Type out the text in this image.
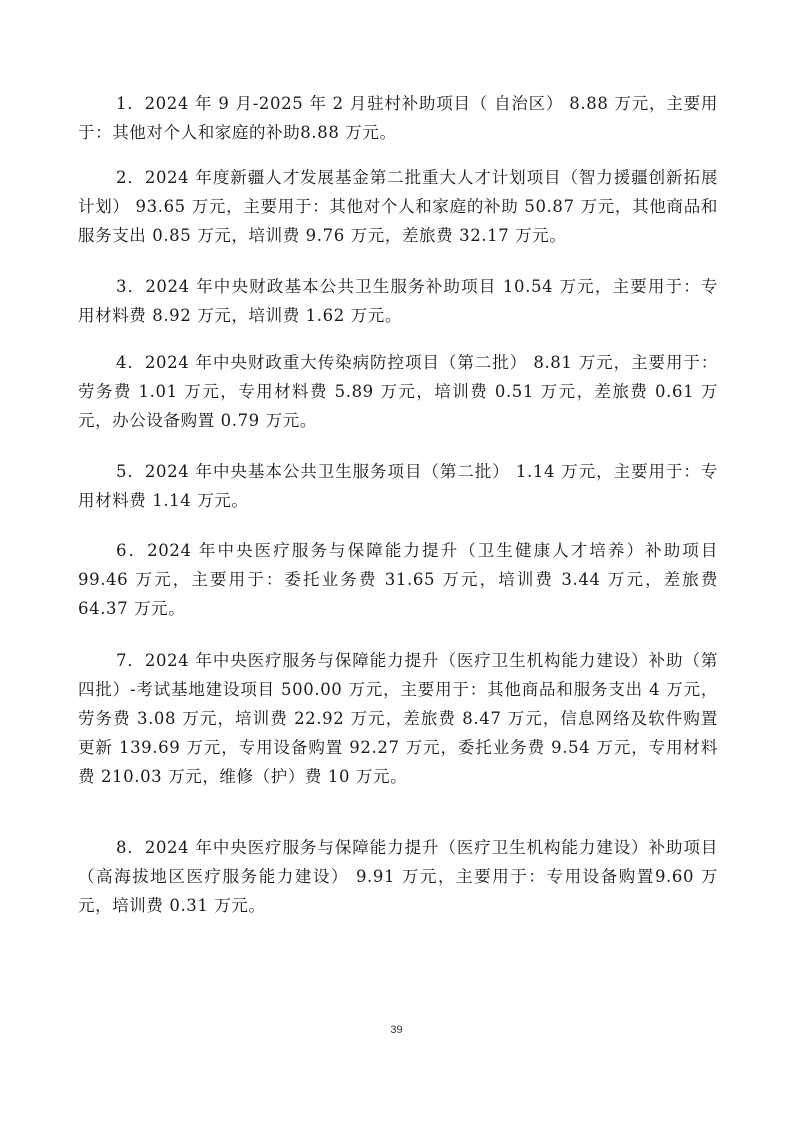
1．2024 年 9 月-2025 年 2 月驻村补助项目（ 自治区） 8.88 万元，主要用于：其他对个人和家庭的补助8.88 万元。

2．2024 年度新疆人才发展基金第二批重大人才计划项目（智力援疆创新拓展计划） 93.65 万元，主要用于：其他对个人和家庭的补助 50.87 万元，其他商品和服务支出 0.85 万元，培训费 9.76 万元，差旅费 32.17 万元。

3．2024 年中央财政基本公共卫生服务补助项目 10.54 万元，主要用于：专用材料费 8.92 万元，培训费 1.62 万元。

4．2024 年中央财政重大传染病防控项目（第二批） 8.81 万元，主要用于：劳务费 1.01 万元，专用材料费 5.89 万元，培训费 0.51 万元，差旅费 0.61 万元，办公设备购置 0.79 万元。

5．2024 年中央基本公共卫生服务项目（第二批） 1.14 万元，主要用于：专用材料费 1.14 万元。

6．2024 年中央医疗服务与保障能力提升（卫生健康人才培养）补助项目99.46 万元，主要用于：委托业务费 31.65 万元，培训费 3.44 万元，差旅费64.37 万元。

7．2024 年中央医疗服务与保障能力提升（医疗卫生机构能力建设）补助（第四批）-考试基地建设项目 500.00 万元，主要用于：其他商品和服务支出 4 万元，劳务费 3.08 万元，培训费 22.92 万元，差旅费 8.47 万元，信息网络及软件购置更新 139.69 万元，专用设备购置 92.27 万元，委托业务费 9.54 万元，专用材料费 210.03 万元，维修（护）费 10 万元。

8．2024 年中央医疗服务与保障能力提升（医疗卫生机构能力建设）补助项目（高海拔地区医疗服务能力建设） 9.91 万元，主要用于：专用设备购置9.60 万元，培训费 0.31 万元。

39
